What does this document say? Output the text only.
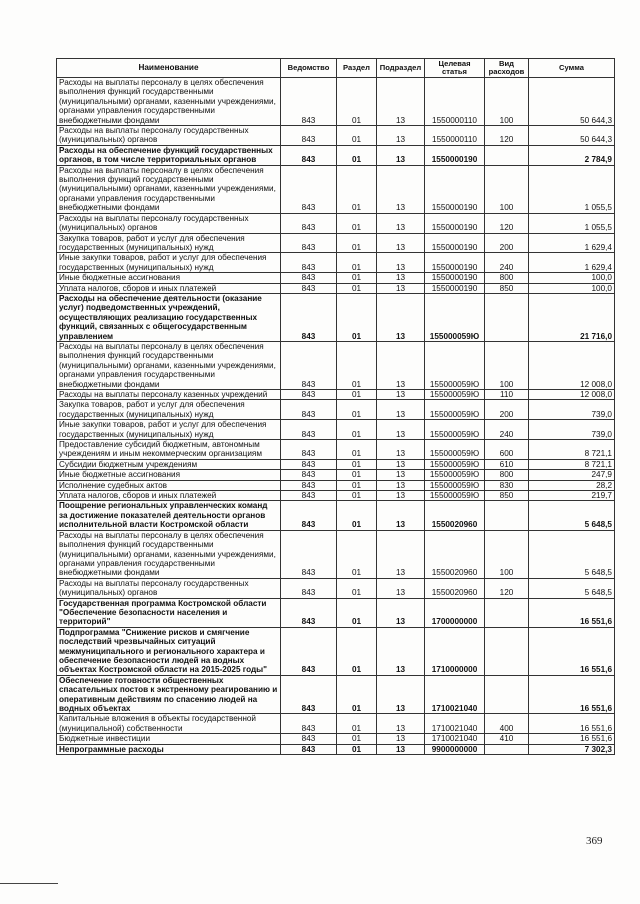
Наименование	Ведомство	Раздел	Подраздел	Целевая статья	Вид расходов	Сумма
Расходы на выплаты персоналу в целях обеспечения выполнения функций государственными (муниципальными) органами, казенными учреждениями, органами управления государственными внебюджетными фондами	843	01	13	1550000110	100	50 644,3
Расходы на выплаты персоналу государственных (муниципальных) органов	843	01	13	1550000110	120	50 644,3
Расходы на обеспечение функций государственных органов, в том числе территориальных органов	843	01	13	1550000190		2 784,9
Расходы на выплаты персоналу в целях обеспечения выполнения функций государственными (муниципальными) органами, казенными учреждениями, органами управления государственными внебюджетными фондами	843	01	13	1550000190	100	1 055,5
Расходы на выплаты персоналу государственных (муниципальных) органов	843	01	13	1550000190	120	1 055,5
Закупка товаров, работ и услуг для обеспечения государственных (муниципальных) нужд	843	01	13	1550000190	200	1 629,4
Иные закупки товаров, работ и услуг для обеспечения государственных (муниципальных) нужд	843	01	13	1550000190	240	1 629,4
Иные бюджетные ассигнования	843	01	13	1550000190	800	100,0
Уплата налогов, сборов и иных платежей	843	01	13	1550000190	850	100,0
Расходы на обеспечение деятельности (оказание услуг) подведомственных учреждений, осуществляющих реализацию государственных функций, связанных с общегосударственным управлением	843	01	13	155000059Ю		21 716,0
Расходы на выплаты персоналу в целях обеспечения выполнения функций государственными (муниципальными) органами, казенными учреждениями, органами управления государственными внебюджетными фондами	843	01	13	155000059Ю	100	12 008,0
Расходы на выплаты персоналу казенных учреждений	843	01	13	155000059Ю	110	12 008,0
Закупка товаров, работ и услуг для обеспечения государственных (муниципальных) нужд	843	01	13	155000059Ю	200	739,0
Иные закупки товаров, работ и услуг для обеспечения государственных (муниципальных) нужд	843	01	13	155000059Ю	240	739,0
Предоставление субсидий бюджетным, автономным учреждениям и иным некоммерческим организациям	843	01	13	155000059Ю	600	8 721,1
Субсидии бюджетным учреждениям	843	01	13	155000059Ю	610	8 721,1
Иные бюджетные ассигнования	843	01	13	155000059Ю	800	247,9
Исполнение судебных актов	843	01	13	155000059Ю	830	28,2
Уплата налогов, сборов и иных платежей	843	01	13	155000059Ю	850	219,7
Поощрение региональных управленческих команд за достижение показателей деятельности органов исполнительной власти Костромской области	843	01	13	1550020960		5 648,5
Расходы на выплаты персоналу в целях обеспечения выполнения функций государственными (муниципальными) органами, казенными учреждениями, органами управления государственными внебюджетными фондами	843	01	13	1550020960	100	5 648,5
Расходы на выплаты персоналу государственных (муниципальных) органов	843	01	13	1550020960	120	5 648,5
Государственная программа Костромской области "Обеспечение безопасности населения и территорий"	843	01	13	1700000000		16 551,6
Подпрограмма "Снижение рисков и смягчение последствий чрезвычайных ситуаций межмуниципального и регионального характера и обеспечение безопасности людей на водных объектах Костромской области на 2015-2025 годы"	843	01	13	1710000000		16 551,6
Обеспечение готовности общественных спасательных постов к экстренному реагированию и оперативным действиям по спасению людей на водных объектах	843	01	13	1710021040		16 551,6
Капитальные вложения в объекты государственной (муниципальной) собственности	843	01	13	1710021040	400	16 551,6
Бюджетные инвестиции	843	01	13	1710021040	410	16 551,6
Непрограммные расходы	843	01	13	9900000000		7 302,3
369
